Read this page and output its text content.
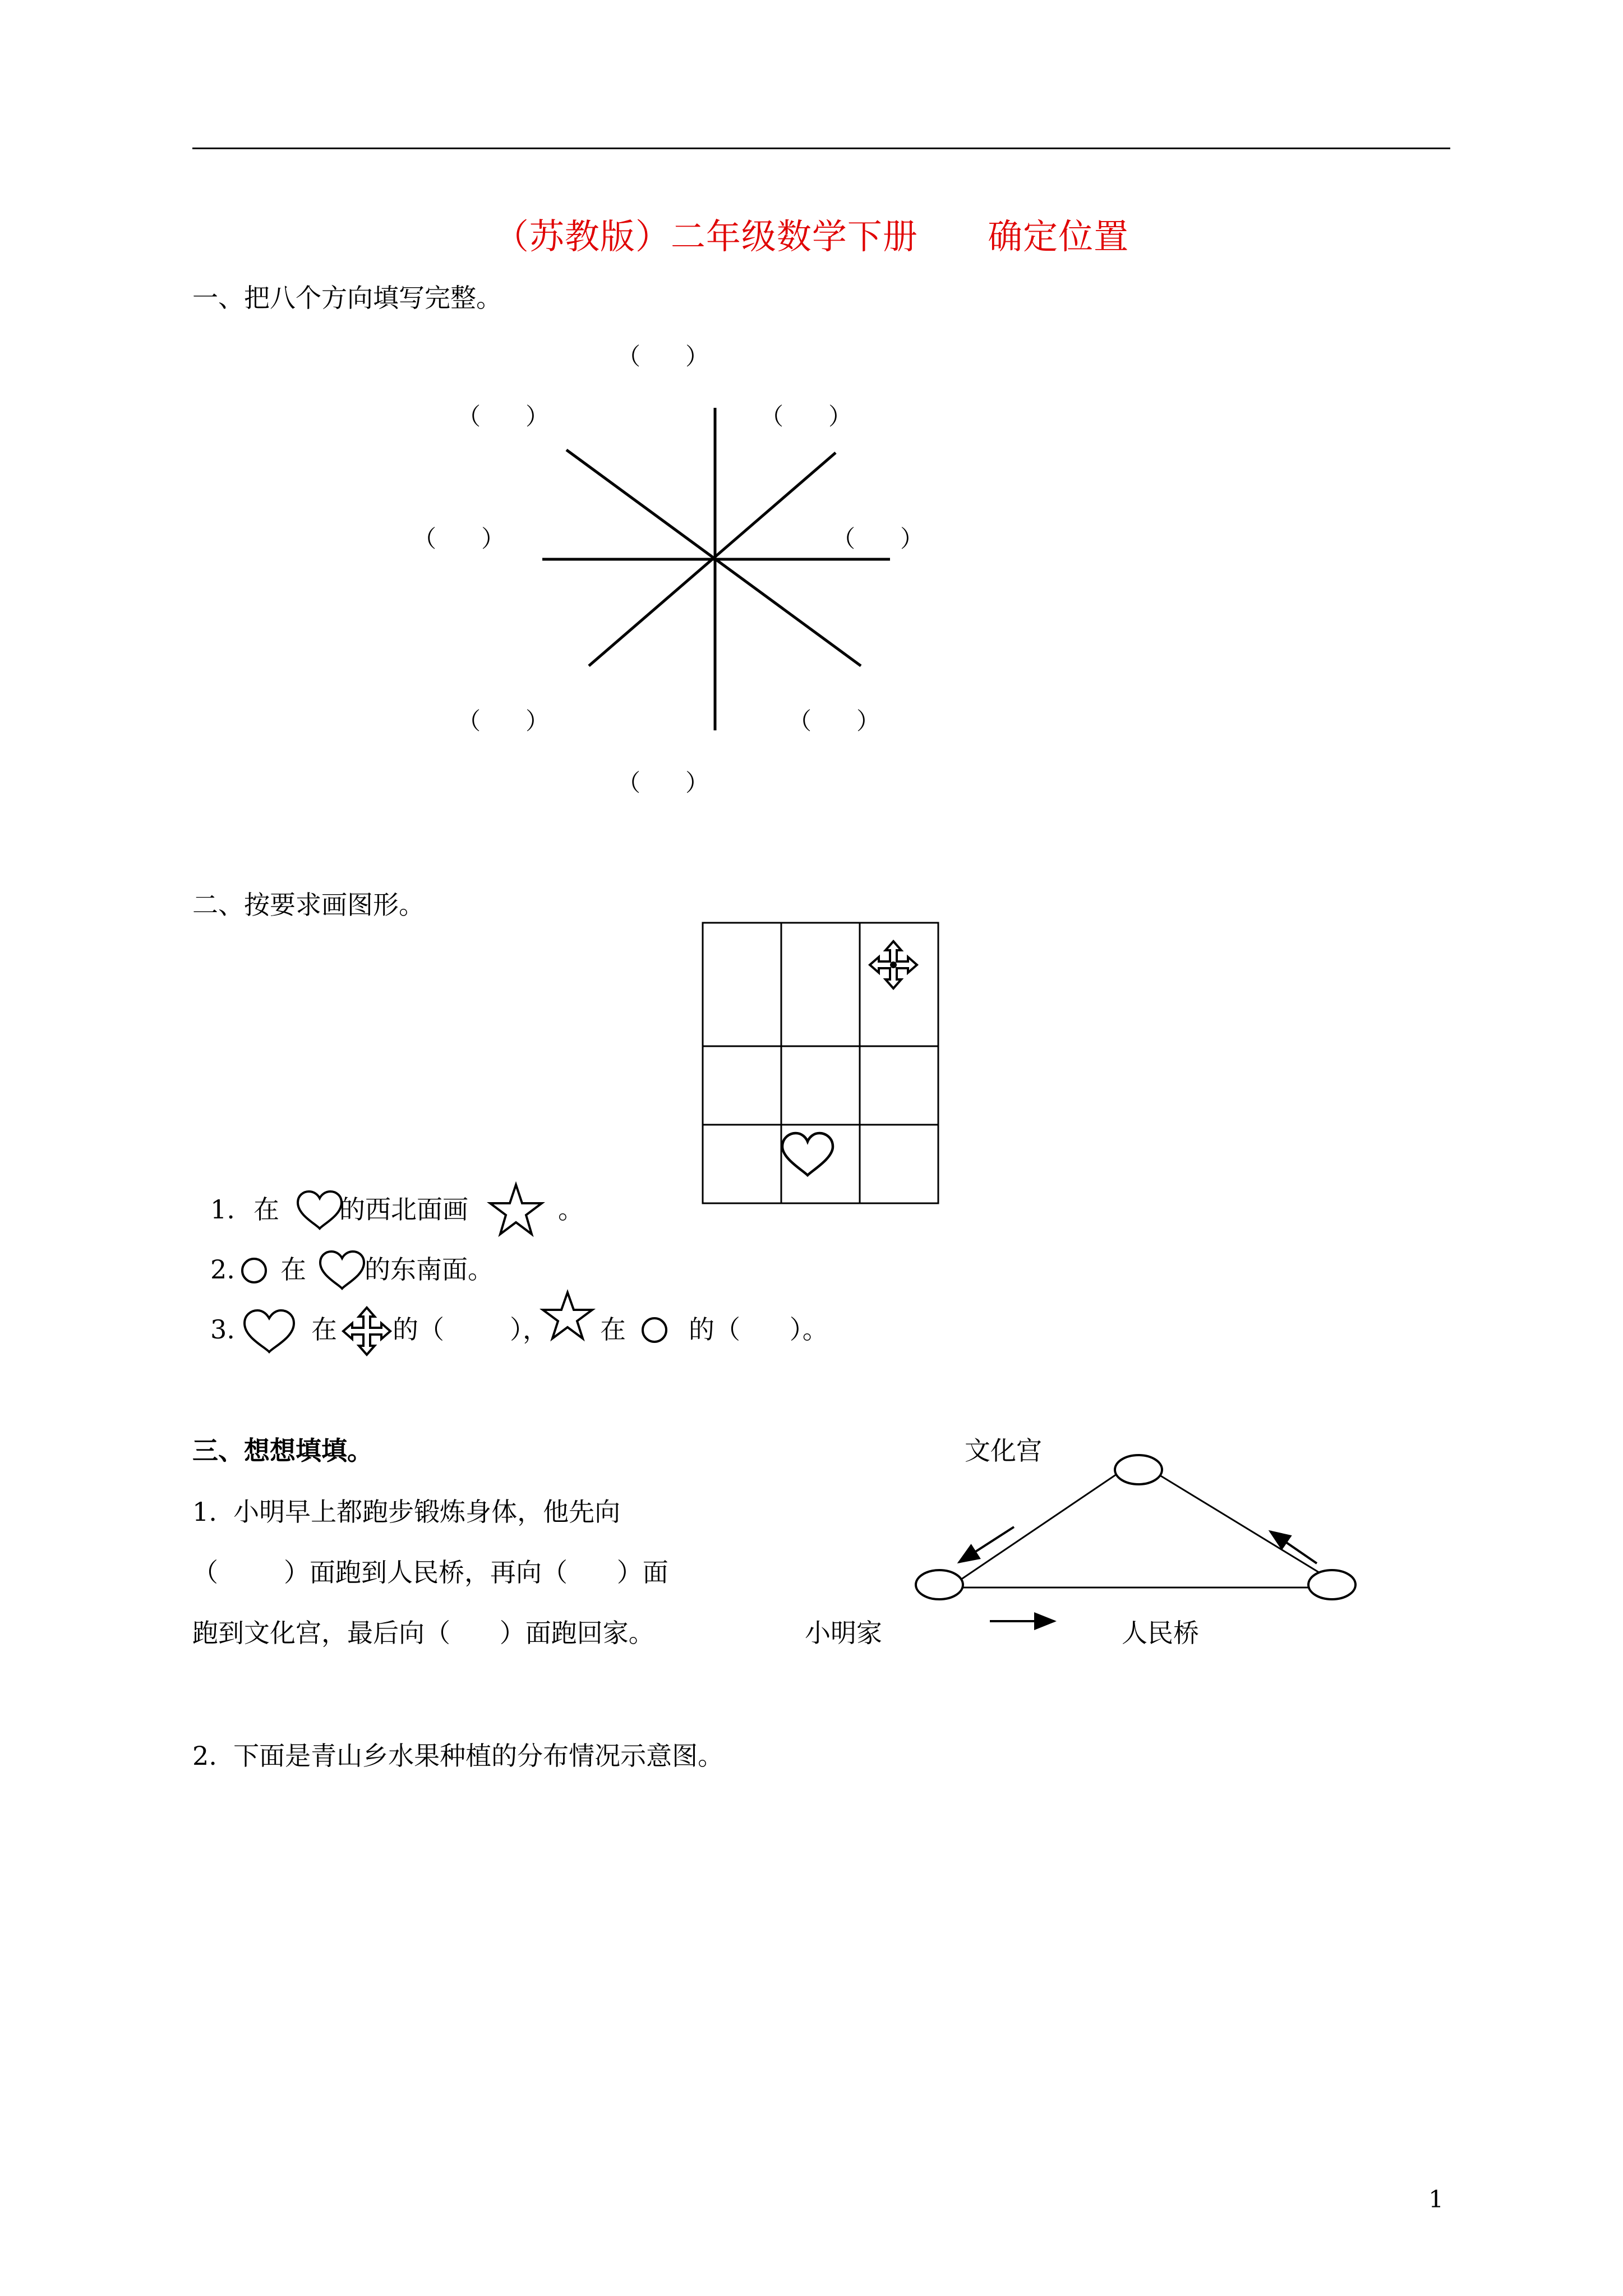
（苏教版）二年级数学下册      确定位置
一、把八个方向填写完整。
（      ）
（      ）	（      ）
（      ）	（      ）
（      ）	（      ）
（      ）
二、按要求画图形。
1. 在 的西北面画	。
2. 在 的东南面。
3.	在 的（        ）， 在 的（      ）。
三、想想填填。
1.  小明早上都跑步锻炼身体，他先向
（        ）面跑到人民桥，再向（      ）面
跑到文化宫，最后向（      ）面跑回家。
文化宫
小明家	人民桥
2.  下面是青山乡水果种植的分布情况示意图。
1
